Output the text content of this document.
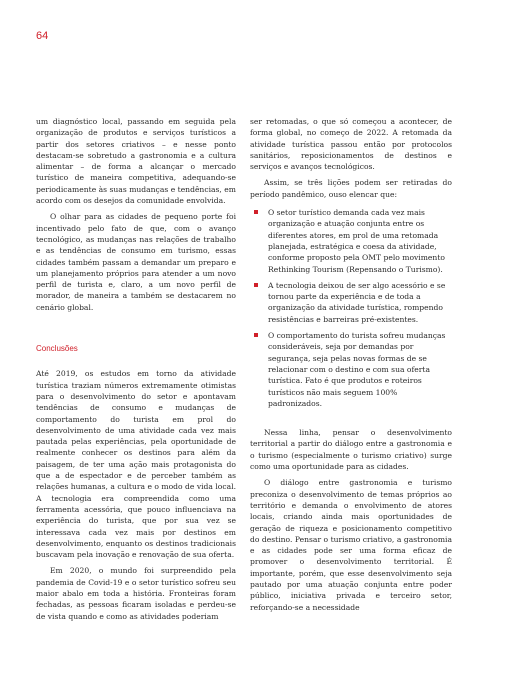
64

um diagnóstico local, passando em seguida pela organização de produtos e serviços turísticos a partir dos setores criativos – e nesse ponto destacam-se sobretudo a gastronomia e a cultura alimentar – de forma a alcançar o mercado turístico de maneira competitiva, adequando-se periodicamente às suas mudanças e tendências, em acordo com os desejos da comunidade envolvida.

O olhar para as cidades de pequeno porte foi incentivado pelo fato de que, com o avanço tecnológico, as mudanças nas relações de trabalho e as tendências de consumo em turismo, essas cidades também passam a demandar um preparo e um planejamento próprios para atender a um novo perfil de turista e, claro, a um novo perfil de morador, de maneira a também se destacarem no cenário global.

Conclusões

Até 2019, os estudos em torno da atividade turística traziam números extremamente otimistas para o desenvolvimento do setor e apontavam tendências de consumo e mudanças de comportamento do turista em prol do desenvolvimento de uma atividade cada vez mais pautada pelas experiências, pela oportunidade de realmente conhecer os destinos para além da paisagem, de ter uma ação mais protagonista do que a de espectador e de perceber também as relações humanas, a cultura e o modo de vida local. A tecnologia era compreendida como uma ferramenta acessória, que pouco influenciava na experiência do turista, que por sua vez se interessava cada vez mais por destinos em desenvolvimento, enquanto os destinos tradicionais buscavam pela inovação e renovação de sua oferta.

Em 2020, o mundo foi surpreendido pela pandemia de Covid-19 e o setor turístico sofreu seu maior abalo em toda a história. Fronteiras foram fechadas, as pessoas ficaram isoladas e perdeu-se de vista quando e como as atividades poderiam

ser retomadas, o que só começou a acontecer, de forma global, no começo de 2022. A retomada da atividade turística passou então por protocolos sanitários, reposicionamentos de destinos e serviços e avanços tecnológicos.

Assim, se três lições podem ser retiradas do período pandêmico, ouso elencar que:

O setor turístico demanda cada vez mais organização e atuação conjunta entre os diferentes atores, em prol de uma retomada planejada, estratégica e coesa da atividade, conforme proposto pela OMT pelo movimento Rethinking Tourism (Repensando o Turismo).
A tecnologia deixou de ser algo acessório e se tornou parte da experiência e de toda a organização da atividade turística, rompendo resistências e barreiras pré-existentes.
O comportamento do turista sofreu mudanças consideráveis, seja por demandas por segurança, seja pelas novas formas de se relacionar com o destino e com sua oferta turística. Fato é que produtos e roteiros turísticos não mais seguem 100% padronizados.

Nessa linha, pensar o desenvolvimento territorial a partir do diálogo entre a gastronomia e o turismo (especialmente o turismo criativo) surge como uma oportunidade para as cidades.

O diálogo entre gastronomia e turismo preconiza o desenvolvimento de temas próprios ao território e demanda o envolvimento de atores locais, criando ainda mais oportunidades de geração de riqueza e posicionamento competitivo do destino. Pensar o turismo criativo, a gastronomia e as cidades pode ser uma forma eficaz de promover o desenvolvimento territorial. É importante, porém, que esse desenvolvimento seja pautado por uma atuação conjunta entre poder público, iniciativa privada e terceiro setor, reforçando-se a necessidade
